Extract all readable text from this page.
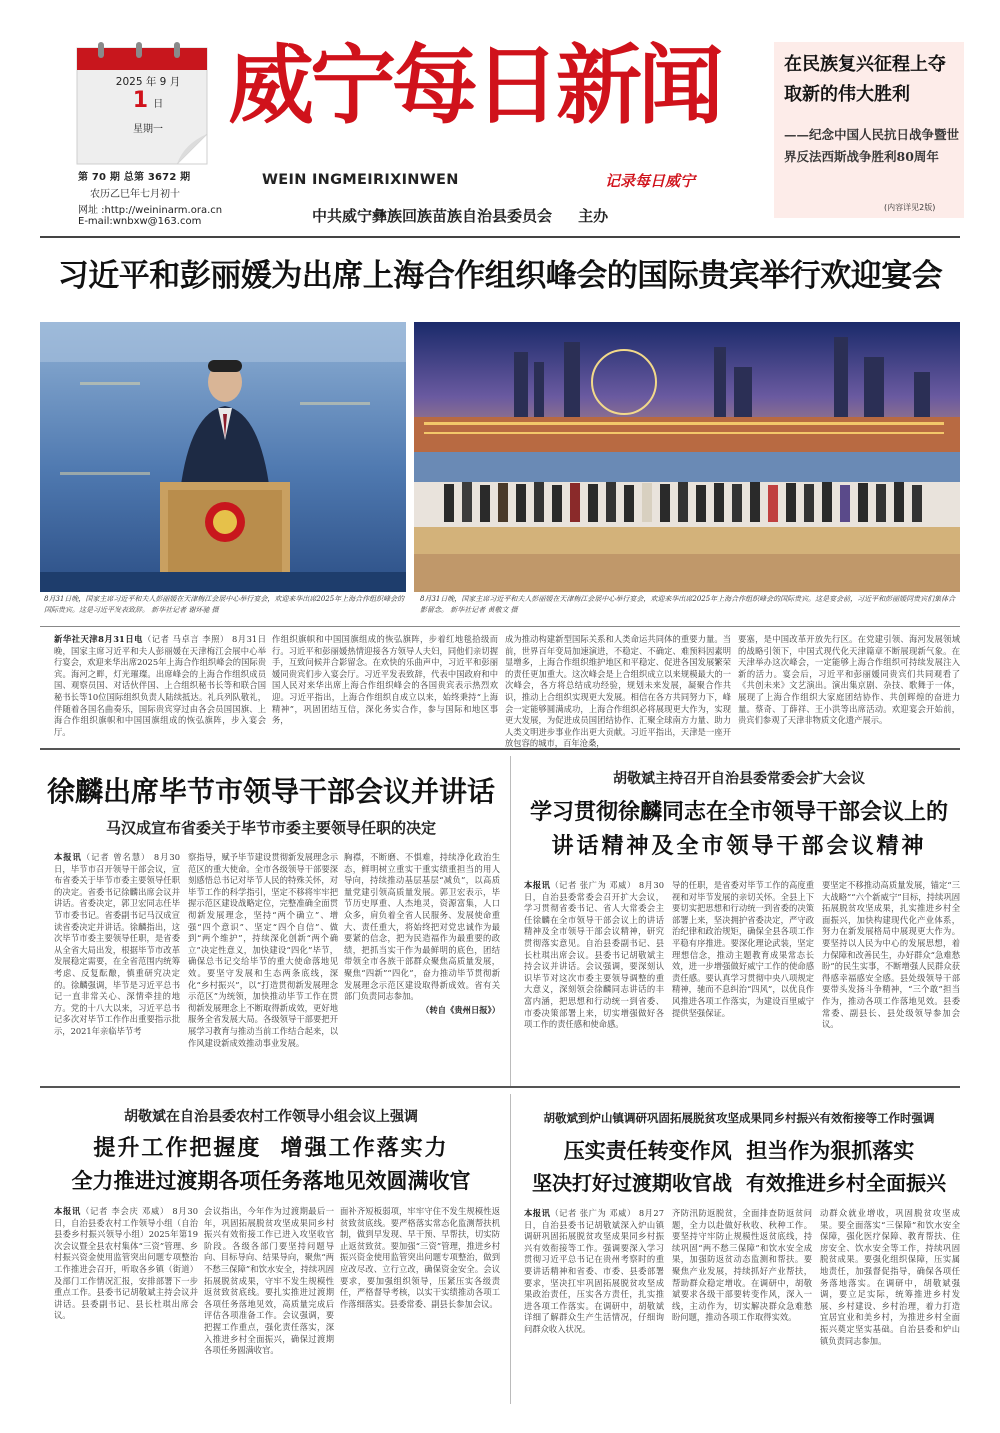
2025 年 9 月
1 日
星期一
第 70 期 总第 3672 期
农历乙巳年七月初十
网址 :http://weininarm.ora.cn
E-mail:wnbxw@163.com
威宁每日新闻
WEIN INGMEIRIXINWEN	记录每日威宁
中共威宁彝族回族苗族自治县委员会     主办
在民族复兴征程上夺取新的伟大胜利
——纪念中国人民抗日战争暨世界反法西斯战争胜利80周年
(内容详见2版)
习近平和彭丽媛为出席上海合作组织峰会的国际贵宾举行欢迎宴会
8月31日晚，国家主席习近平和夫人彭丽媛在天津梅江会展中心举行宴会，欢迎来华出席2025年上海合作组织峰会的国际贵宾。这是习近平发表致辞。 新华社记者 谢环驰 摄
8月31日晚，国家主席习近平和夫人彭丽媛在天津梅江会展中心举行宴会，欢迎来华出席2025年上海合作组织峰会的国际贵宾。这是宴会前，习近平和彭丽媛同贵宾们集体合影留念。 新华社记者 黄敬文 摄
新华社天津8月31日电（记者 马卓言 李照） 8月31日晚，国家主席习近平和夫人彭丽媛在天津梅江会展中心举行宴会，欢迎来华出席2025年上海合作组织峰会的国际贵宾。海河之畔，灯光璀璨。出席峰会的上海合作组织成员国、观察员国、对话伙伴国、上合组织秘书长等和联合国秘书长等10位国际组织负责人陆续抵达。礼兵列队敬礼，伴随着各国名曲奏乐，国际贵宾穿过由各会员国国旗、上海合作组织旗帜和中国国旗组成的恢弘旗阵，步入宴会厅。
作组织旗帜和中国国旗组成的恢弘旗阵，步着红地毯拾级而行。习近平和彭丽媛热情迎接各方领导人夫妇，同他们亲切握手，互致问候并合影留念。在欢快的乐曲声中，习近平和彭丽媛同贵宾们步入宴会厅。习近平发表致辞，代表中国政府和中国人民对来华出席上海合作组织峰会的各国贵宾表示热烈欢迎。习近平指出，上海合作组织自成立以来，始终秉持“上海精神”，巩固团结互信，深化务实合作，参与国际和地区事务，
成为推动构建新型国际关系和人类命运共同体的重要力量。当前，世界百年变局加速演进，不稳定、不确定、难预料因素明显增多，上海合作组织维护地区和平稳定、促进各国发展繁荣的责任更加重大。这次峰会是上合组织成立以来规模最大的一次峰会，各方将总结成功经验，规划未来发展，凝聚合作共识，推动上合组织实现更大发展。相信在各方共同努力下，峰会一定能够圆满成功，上海合作组织必将展现更大作为，实现更大发展，为促进成员国团结协作、汇聚全球南方力量、助力人类文明进步事业作出更大贡献。习近平指出，天津是一座开放包容的城市，百年沧桑，
要塞，是中国改革开放先行区。在党建引领、海河发展领域的战略引领下，中国式现代化天津篇章不断展现新气象。在天津举办这次峰会，一定能够上海合作组织可持续发展注入新的活力。宴会后，习近平和彭丽媛同贵宾们共同观看了《共创未来》文艺演出。演出集京剧、杂技、歌舞于一体，展现了上海合作组织大家庭团结协作、共创辉煌的奋进力量。蔡奇、丁薛祥、王小洪等出席活动。欢迎宴会开始前，贵宾们参观了天津非物质文化遗产展示。
徐麟出席毕节市领导干部会议并讲话
马汉成宣布省委关于毕节市委主要领导任职的决定
本报讯（记者 曾名慧） 8月30日，毕节市召开领导干部会议，宣布省委关于毕节市委主要领导任职的决定。省委书记徐麟出席会议并讲话。省委决定，郭卫宏同志任毕节市委书记。省委副书记马汉成宣读省委决定并讲话。徐麟指出，这次毕节市委主要领导任职，是省委从全省大局出发，根据毕节市改革发展稳定需要，在全省范围内统筹考虑、反复酝酿，慎重研究决定的。徐麟强调，毕节是习近平总书记一直非常关心、深情牵挂的地方。党的十八大以来，习近平总书记多次对毕节工作作出重要指示批示，2021年亲临毕节考
察指导，赋予毕节建设贯彻新发展理念示范区的重大使命。全市各级领导干部要深刻感悟总书记对毕节人民的特殊关怀，对毕节工作的科学指引，坚定不移将牢牢把握示范区建设战略定位，完整准确全面贯彻新发展理念，坚持“两个确立”、增强“四个意识”、坚定“四个自信”、做到“两个维护”，持续深化创新“两个确立”决定性意义，加快建设“四化”毕节，确保总书记交给毕节的重大使命落地见效。要坚守发展和生态两条底线，深化“乡村振兴”，以“打造贯彻新发展理念示范区”为统领，加快推动毕节工作在贯彻新发展理念上不断取得新成效，更好地服务全省发展大局。各级领导干部要把开展学习教育与推动当前工作结合起来，以作风建设新成效推动事业发展。
胸襟，不断磨、不惧难，持续净化政治生态，鲜明树立重实干重实绩重担当的用人导向，持续推动基层基层“减负”，以高质量党建引领高质量发展。郭卫宏表示，毕节历史厚重、人杰地灵，资源富集，人口众多，肩负着全省人民服务、发展使命重大、责任重大，将始终把对党忠诚作为最要紧的信念，把为民造福作为最重要的政绩，把抓当实干作为最鲜明的底色，团结带领全市各族干部群众聚焦高质量发展，聚焦“四新”“四化”，奋力推动毕节贯彻新发展理念示范区建设取得新成效。省有关部门负责同志参加。
（转自《贵州日报》）
胡敬斌主持召开自治县委常委会扩大会议
学习贯彻徐麟同志在全市领导干部会议上的
讲话精神及全市领导干部会议精神
本报讯（记者 张广为 邓威） 8月30日，自治县委常委会召开扩大会议，学习贯彻省委书记、省人大常委会主任徐麟在全市领导干部会议上的讲话精神及全市领导干部会议精神，研究贯彻落实意见。自治县委副书记、县长杜琪出席会议。县委书记胡敬斌主持会议并讲话。会议强调，要深刻认识毕节对这次市委主要领导调整的重大意义，深刻领会徐麟同志讲话的丰富内涵，把思想和行动统一到省委、市委决策部署上来，切实增强做好各项工作的责任感和使命感。
导的任职，是省委对毕节工作的高度重视和对毕节发展的亲切关怀。全县上下要切实把思想和行动统一到省委的决策部署上来，坚决拥护省委决定，严守政治纪律和政治规矩，确保全县各项工作平稳有序推进。要深化理论武装，坚定理想信念，推动主题教育成果常态长效，进一步增强做好威宁工作的使命感责任感。要认真学习贯彻中央八项规定精神，驰而不息纠治“四风”，以优良作风推进各项工作落实，为建设百里威宁提供坚强保证。
要坚定不移推动高质量发展，锚定“三大战略”“六个新威宁”目标，持续巩固拓展脱贫攻坚成果，扎实推进乡村全面振兴，加快构建现代化产业体系，努力在新发展格局中展现更大作为。要坚持以人民为中心的发展思想，着力保障和改善民生，办好群众“急难愁盼”的民生实事，不断增强人民群众获得感幸福感安全感。县处级领导干部要带头发扬斗争精神，“三个敢”担当作为，推动各项工作落地见效。县委常委、副县长、县处级领导参加会议。
胡敬斌在自治县委农村工作领导小组会议上强调
提升工作把握度  增强工作落实力
全力推进过渡期各项任务落地见效圆满收官
本报讯（记者 李会庆 邓威） 8月30日，自治县委农村工作领导小组（自治县委乡村振兴领导小组）2025年第19次会议暨全县农村集体“三资”管理、乡村振兴资金使用监管突出问题专项整治工作推进会召开，听取各乡镇（街道）及部门工作情况汇报，安排部署下一步重点工作。县委书记胡敬斌主持会议并讲话。县委副书记、县长杜琪出席会议。
会议指出，今年作为过渡期最后一年，巩固拓展脱贫攻坚成果同乡村振兴有效衔接工作已进入攻坚收官阶段。各级各部门要坚持问题导向、目标导向、结果导向，聚焦“两不愁三保障”和饮水安全，持续巩固拓展脱贫成果，守牢不发生规模性返贫致贫底线。要扎实推进过渡期各项任务落地见效，高质量完成后评估各项准备工作。会议强调，要把握工作重点，强化责任落实，深入推进乡村全面振兴，确保过渡期各项任务圆满收官。
面补齐短板弱项，牢牢守住不发生规模性返贫致贫底线。要严格落实常态化监测帮扶机制，做到早发现、早干预、早帮扶，切实防止返贫致贫。要加强“三资”管理，推进乡村振兴资金使用监管突出问题专项整治，做到应改尽改、立行立改，确保资金安全。会议要求，要加强组织领导，压紧压实各级责任，严格督导考核，以实干实绩推动各项工作落细落实。县委常委、副县长参加会议。
胡敬斌到炉山镇调研巩固拓展脱贫攻坚成果同乡村振兴有效衔接等工作时强调
压实责任转变作风  担当作为狠抓落实
坚决打好过渡期收官战  有效推进乡村全面振兴
本报讯（记者 张广为 邓威） 8月27日，自治县委书记胡敬斌深入炉山镇调研巩固拓展脱贫攻坚成果同乡村振兴有效衔接等工作。强调要深入学习贯彻习近平总书记在贵州考察时的重要讲话精神和省委、市委、县委部署要求，坚决扛牢巩固拓展脱贫攻坚成果政治责任，压实各方责任，扎实推进各项工作落实。在调研中，胡敬斌详细了解群众生产生活情况，仔细询问群众收入状况。
齐防汛防返脱贫，全面排查防返贫问题，全力以赴做好秋收、秋种工作。要坚持守牢防止规模性返贫底线，持续巩固“两不愁三保障”和饮水安全成果，加强防返贫动态监测和帮扶。要聚焦产业发展，持续抓好产业帮扶，帮助群众稳定增收。在调研中，胡敬斌要求各级干部要转变作风，深入一线，主动作为，切实解决群众急难愁盼问题，推动各项工作取得实效。
动群众就业增收，巩固脱贫攻坚成果。要全面落实“三保障”和饮水安全保障，强化医疗保障、教育帮扶、住房安全、饮水安全等工作，持续巩固脱贫成果。要强化组织保障，压实属地责任，加强督促指导，确保各项任务落地落实。在调研中，胡敬斌强调，要立足实际，统筹推进乡村发展、乡村建设、乡村治理，着力打造宜居宜业和美乡村，为推进乡村全面振兴奠定坚实基础。自治县委和炉山镇负责同志参加。
